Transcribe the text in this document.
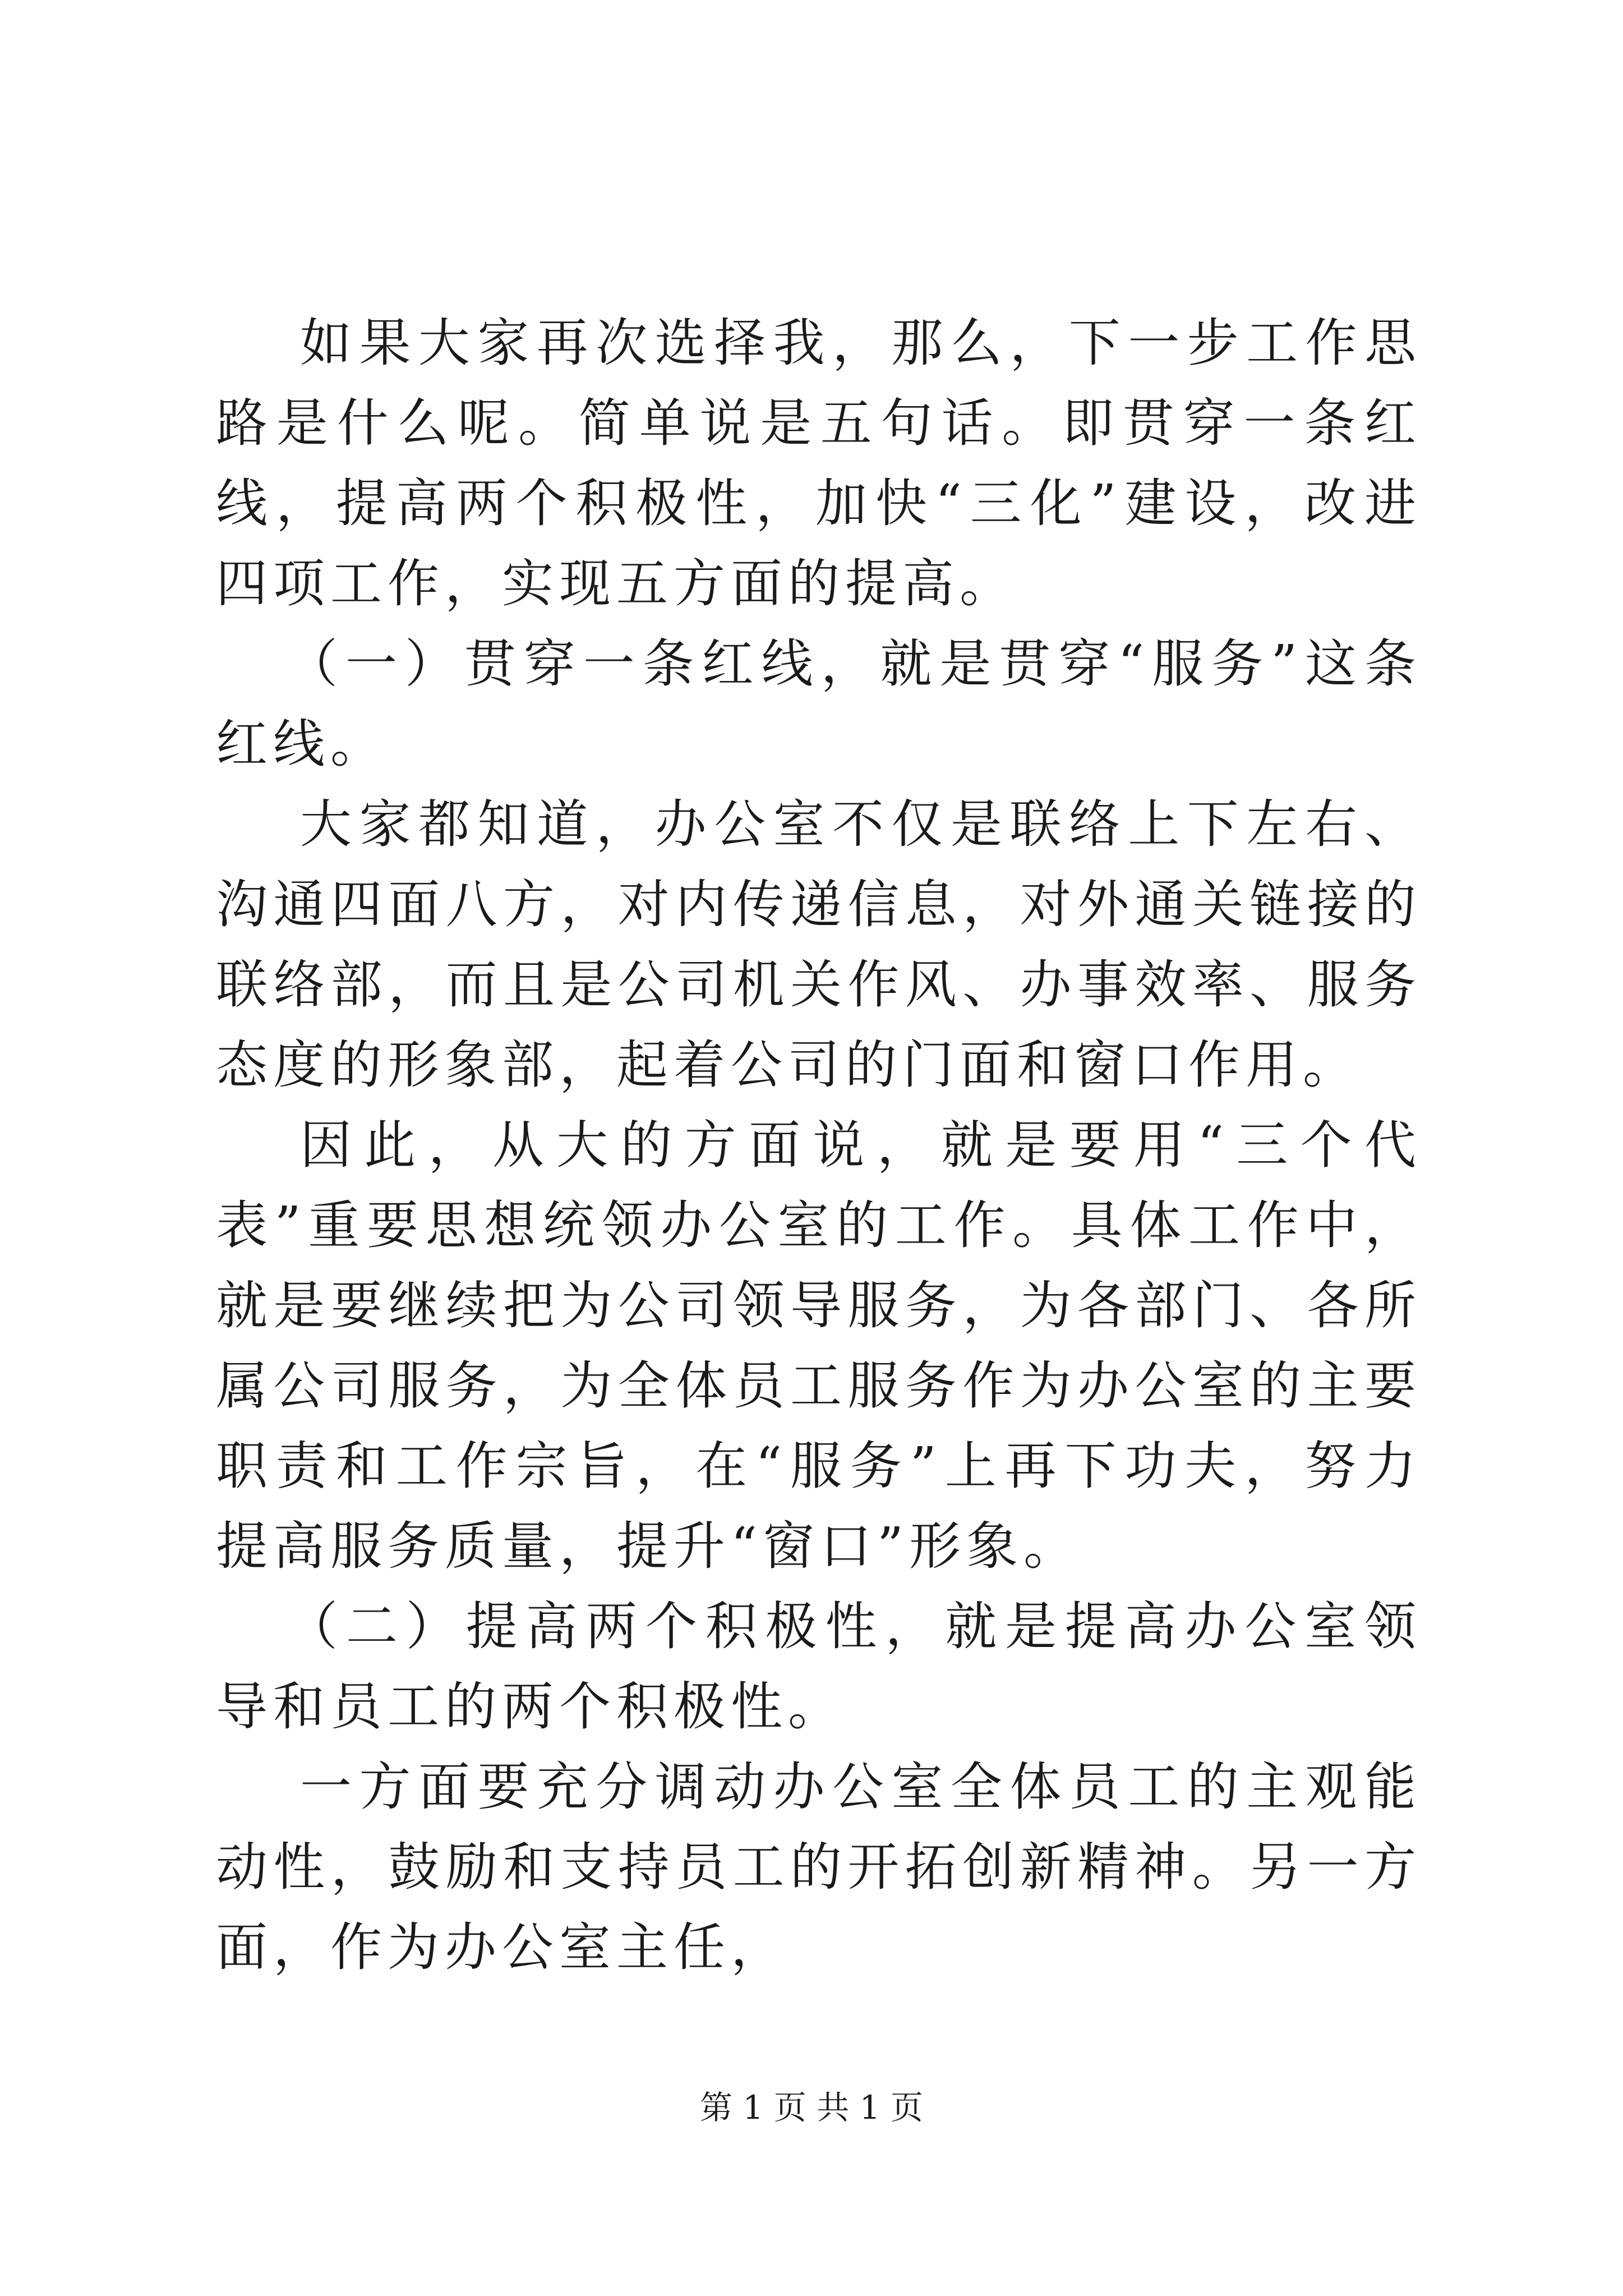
如果大家再次选择我，那么，下一步工作思路是什么呢。简单说是五句话。即贯穿一条红线，提高两个积极性，加快“三化”建设，改进四项工作，实现五方面的提高。

（一）贯穿一条红线，就是贯穿“服务”这条红线。

大家都知道，办公室不仅是联络上下左右、沟通四面八方，对内传递信息，对外通关链接的联络部，而且是公司机关作风、办事效率、服务态度的形象部，起着公司的门面和窗口作用。

因此，从大的方面说，就是要用“三个代表”重要思想统领办公室的工作。具体工作中，就是要继续把为公司领导服务，为各部门、各所属公司服务，为全体员工服务作为办公室的主要职责和工作宗旨，在“服务”上再下功夫，努力提高服务质量，提升“窗口”形象。

（二）提高两个积极性，就是提高办公室领导和员工的两个积极性。

一方面要充分调动办公室全体员工的主观能动性，鼓励和支持员工的开拓创新精神。另一方面，作为办公室主任，

第 1 页 共 1 页
